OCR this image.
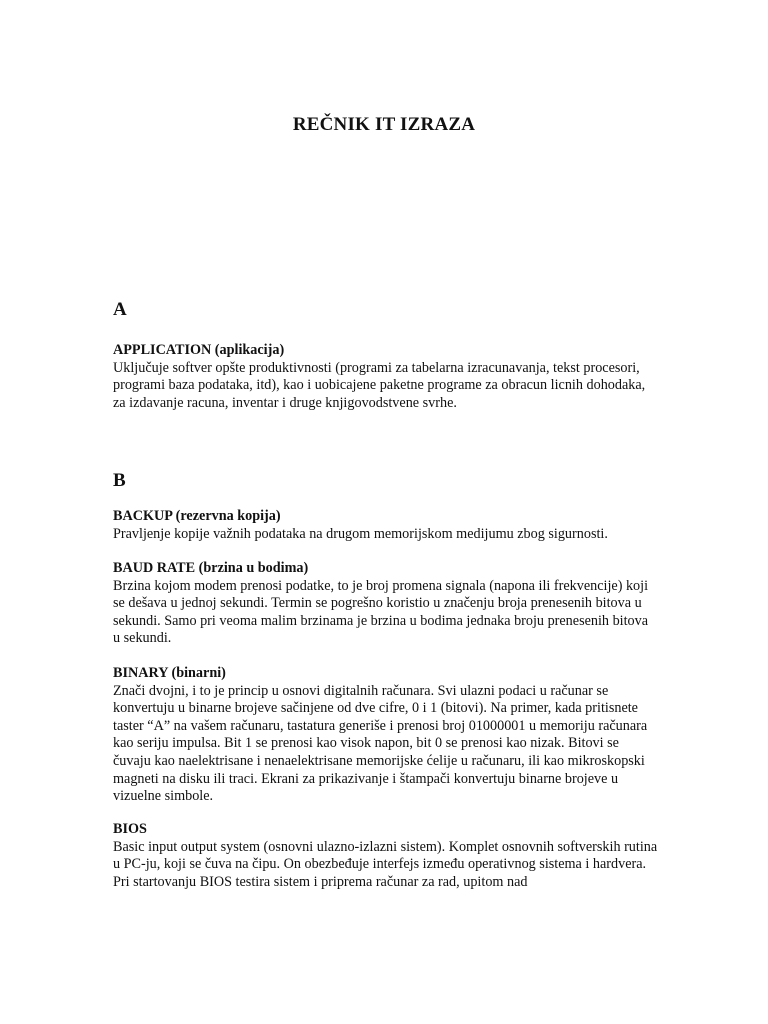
REČNIK IT IZRAZA
A

APPLICATION (aplikacija)

Uključuje softver opšte produktivnosti (programi za tabelarna izracunavanja, tekst procesori, programi baza podataka, itd), kao i uobicajene paketne programe za obracun licnih dohodaka, za izdavanje racuna, inventar i druge knjigovodstvene svrhe.

B

BACKUP (rezervna kopija)

Pravljenje kopije važnih podataka na drugom memorijskom medijumu zbog sigurnosti.

BAUD RATE (brzina u bodima)

Brzina kojom modem prenosi podatke, to je broj promena signala (napona ili frekvencije) koji se dešava u jednoj sekundi. Termin se pogrešno koristio u značenju broja prenesenih bitova u sekundi. Samo pri veoma malim brzinama je brzina u bodima jednaka broju prenesenih bitova u sekundi.

BINARY (binarni)

Znači dvojni, i to je princip u osnovi digitalnih računara. Svi ulazni podaci u računar se konvertuju u binarne brojeve sačinjene od dve cifre, 0 i 1 (bitovi). Na primer, kada pritisnete taster “A” na vašem računaru, tastatura generiše i prenosi broj 01000001 u memoriju računara kao seriju impulsa. Bit 1 se prenosi kao visok napon, bit 0 se prenosi kao nizak. Bitovi se čuvaju kao naelektrisane i nenaelektrisane memorijske ćelije u računaru, ili kao mikroskopski magneti na disku ili traci. Ekrani za prikazivanje i štampači konvertuju binarne brojeve u vizuelne simbole.

BIOS

Basic input output system (osnovni ulazno-izlazni sistem). Komplet osnovnih softverskih rutina u PC-ju, koji se čuva na čipu. On obezbeđuje interfejs između operativnog sistema i hardvera. Pri startovanju BIOS testira sistem i priprema računar za rad, upitom nad
